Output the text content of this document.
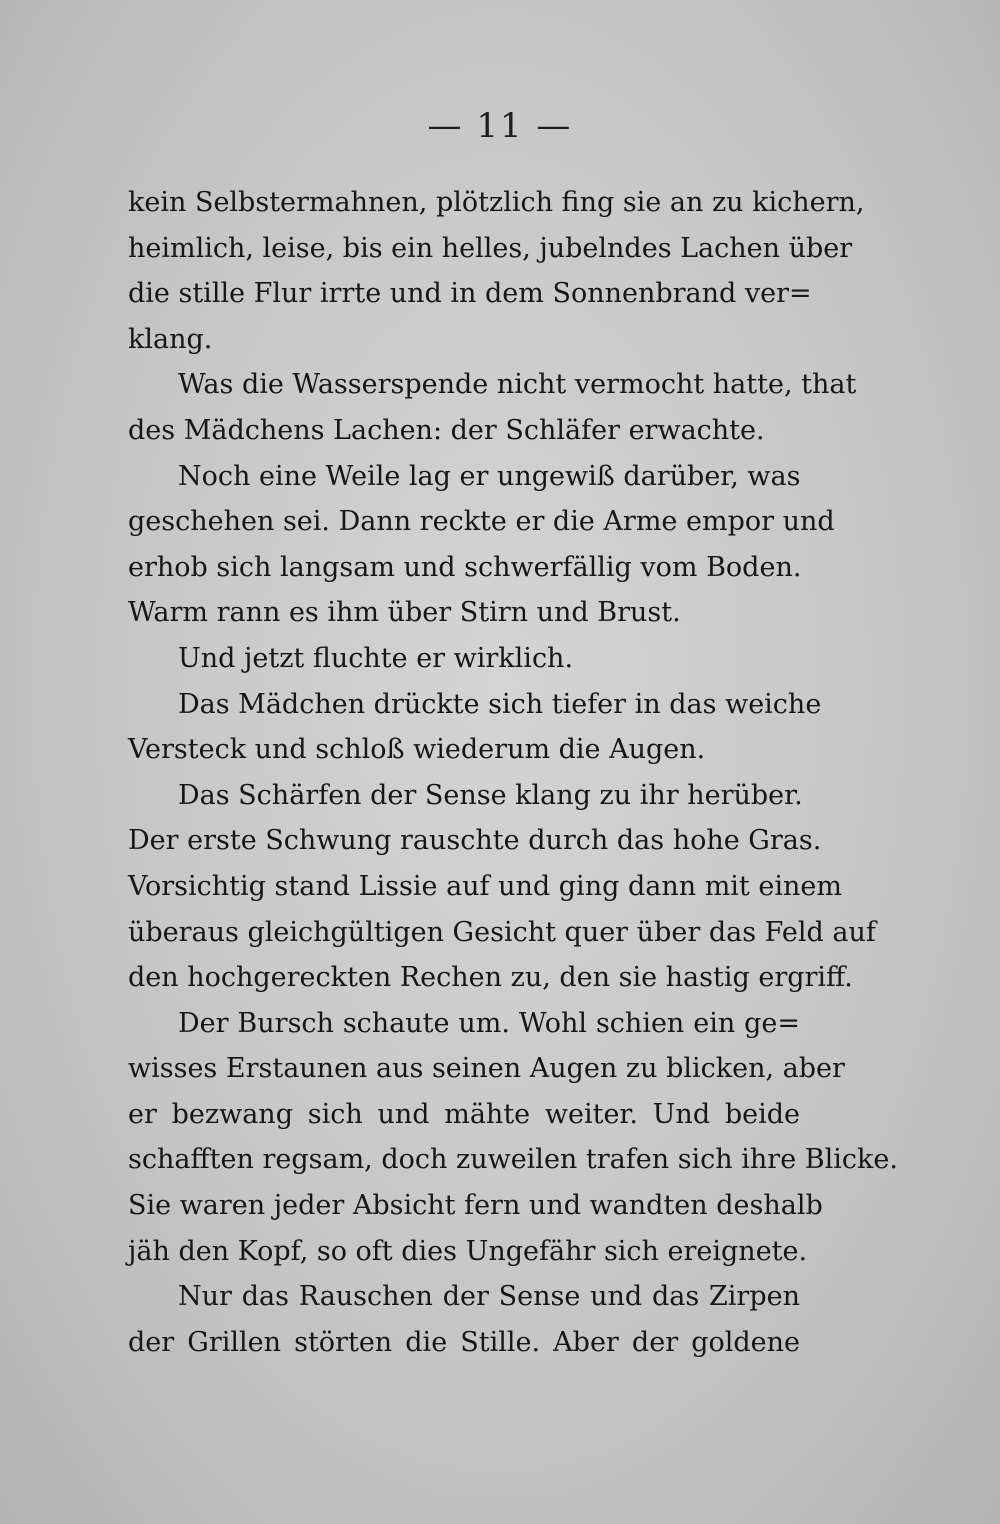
— 11 —
kein Selbstermahnen, plötzlich fing sie an zu kichern,
heimlich, leise, bis ein helles, jubelndes Lachen über
die stille Flur irrte und in dem Sonnenbrand ver=
klang.
Was die Wasserspende nicht vermocht hatte, that
des Mädchens Lachen: der Schläfer erwachte.
Noch eine Weile lag er ungewiß darüber, was
geschehen sei. Dann reckte er die Arme empor und
erhob sich langsam und schwerfällig vom Boden.
Warm rann es ihm über Stirn und Brust.
Und jetzt fluchte er wirklich.
Das Mädchen drückte sich tiefer in das weiche
Versteck und schloß wiederum die Augen.
Das Schärfen der Sense klang zu ihr herüber.
Der erste Schwung rauschte durch das hohe Gras.
Vorsichtig stand Lissie auf und ging dann mit einem
überaus gleichgültigen Gesicht quer über das Feld auf
den hochgereckten Rechen zu, den sie hastig ergriff.
Der Bursch schaute um. Wohl schien ein ge=
wisses Erstaunen aus seinen Augen zu blicken, aber
er bezwang sich und mähte weiter. Und beide
schafften regsam, doch zuweilen trafen sich ihre Blicke.
Sie waren jeder Absicht fern und wandten deshalb
jäh den Kopf, so oft dies Ungefähr sich ereignete.
Nur das Rauschen der Sense und das Zirpen
der Grillen störten die Stille. Aber der goldene
